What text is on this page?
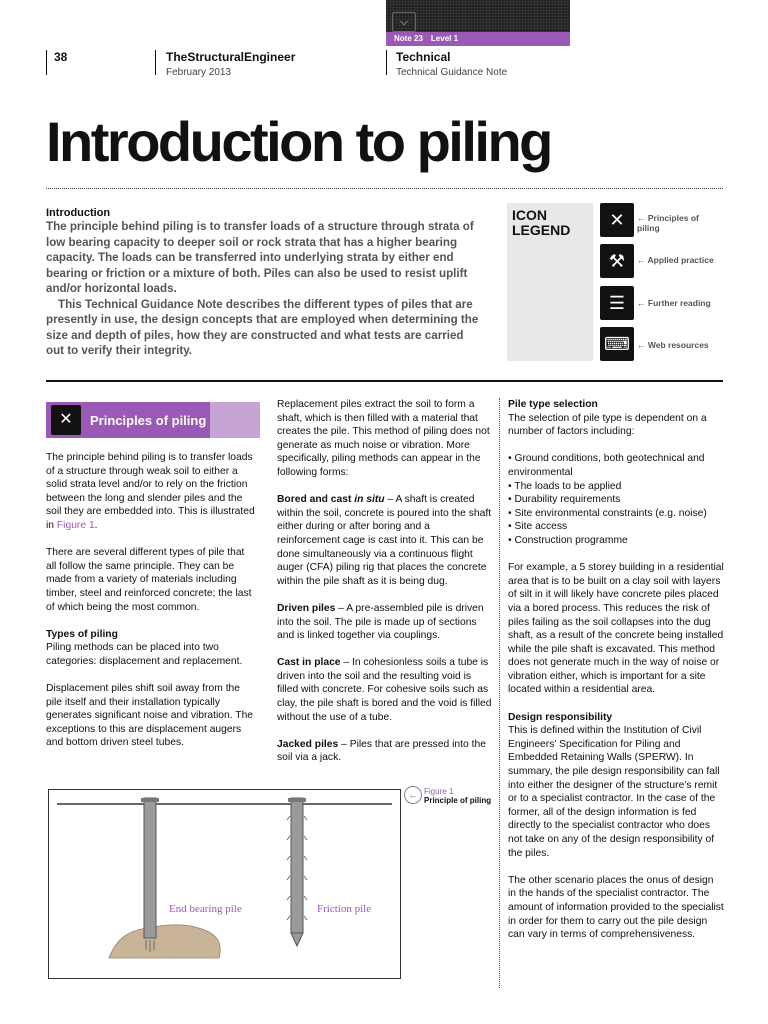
⌵
Note 23 Level 1
38	TheStructuralEngineer
February 2013
Technical
Technical Guidance Note
Introduction to piling
Introduction

The principle behind piling is to transfer loads of a structure through strata of low bearing capacity to deeper soil or rock strata that has a higher bearing capacity. The loads can be transferred into underlying strata by either end bearing or friction or a mixture of both. Piles can also be used to resist uplift and/or horizontal loads.

This Technical Guidance Note describes the different types of piles that are presently in use, the design concepts that are employed when determining the size and depth of piles, how they are constructed and what tests are carried out to verify their integrity.

ICON
LEGEND	✕	← Principles of piling
⚒	← Applied practice
☰	← Further reading
⌨ ← Web resources
✕	Principles of piling

The principle behind piling is to transfer loads of a structure through weak soil to either a solid strata level and/or to rely on the friction between the long and slender piles and the soil they are embedded into. This is illustrated in Figure 1.

There are several different types of pile that all follow the same principle. They can be made from a variety of materials including timber, steel and reinforced concrete; the last of which being the most common.

Types of piling

Piling methods can be placed into two categories: displacement and replacement.

Displacement piles shift soil away from the pile itself and their installation typically generates significant noise and vibration. The exceptions to this are displacement augers and bottom driven steel tubes.

Replacement piles extract the soil to form a shaft, which is then filled with a material that creates the pile. This method of piling does not generate as much noise or vibration. More specifically, piling methods can appear in the following forms:

Bored and cast in situ – A shaft is created within the soil, concrete is poured into the shaft either during or after boring and a reinforcement cage is cast into it. This can be done simultaneously via a continuous flight auger (CFA) piling rig that places the concrete within the pile shaft as it is being dug.

Driven piles – A pre-assembled pile is driven into the soil. The pile is made up of sections and is linked together via couplings.

Cast in place – In cohesionless soils a tube is driven into the soil and the resulting void is filled with concrete. For cohesive soils such as clay, the pile shaft is bored and the void is filled without the use of a tube.

Jacked piles – Piles that are pressed into the soil via a jack.

Pile type selection

The selection of pile type is dependent on a number of factors including:

• Ground conditions, both geotechnical and environmental
• The loads to be applied
• Durability requirements
• Site environmental constraints (e.g. noise)
• Site access
• Construction programme

For example, a 5 storey building in a residential area that is to be built on a clay soil with layers of silt in it will likely have concrete piles placed via a bored process. This reduces the risk of piles failing as the soil collapses into the dug shaft, as a result of the concrete being installed while the pile shaft is excavated. This method does not generate much in the way of noise or vibration either, which is important for a site located within a residential area.

Design responsibility

This is defined within the Institution of Civil Engineers’ Specification for Piling and Embedded Retaining Walls (SPERW). In summary, the pile design responsibility can fall into either the designer of the structure’s remit or to a specialist contractor. In the case of the former, all of the design information is fed directly to the specialist contractor who does not take on any of the design responsibility of the piles.

The other scenario places the onus of design in the hands of the specialist contractor. The amount of information provided to the specialist in order for them to carry out the pile design can vary in terms of comprehensiveness.

← Figure 1
Principle of piling
End bearing pile	Friction pile
